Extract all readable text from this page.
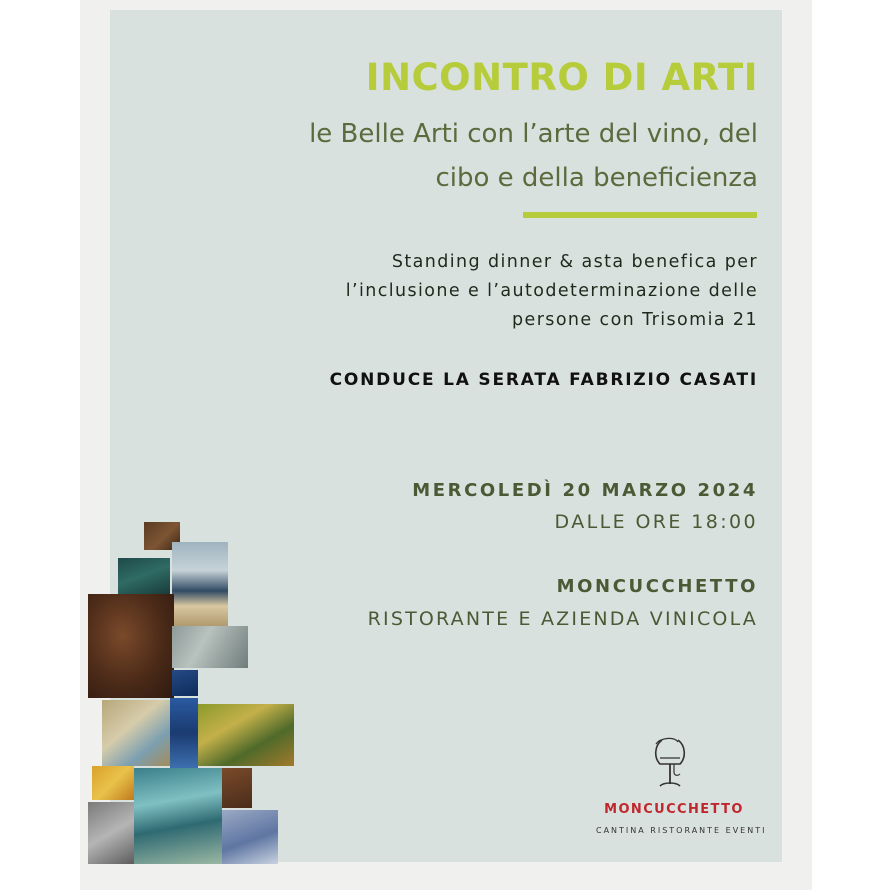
INCONTRO DI ARTI

le Belle Arti con l’arte del vino, del
cibo e della beneficienza

Standing dinner & asta benefica per
l’inclusione e l’autodeterminazione delle
persone con Trisomia 21

CONDUCE LA SERATA FABRIZIO CASATI

MERCOLEDÌ 20 MARZO 2024

DALLE ORE 18:00

MONCUCCHETTO

RISTORANTE E AZIENDA VINICOLA

MONCUCCHETTO

CANTINA RISTORANTE EVENTI
